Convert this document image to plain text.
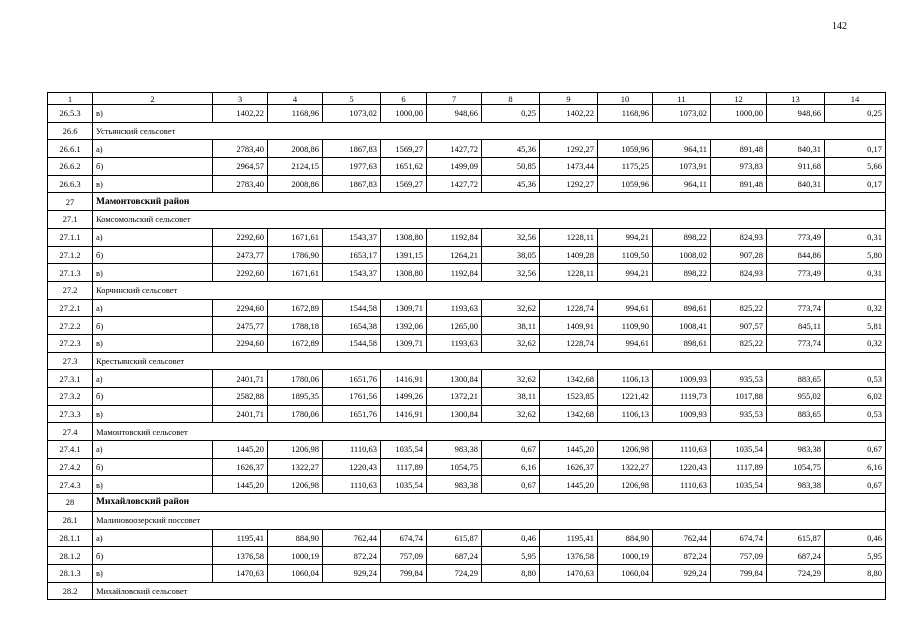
142
1	2	3	4	5	6	7	8	9	10	11	12	13	14
26.5.3	в)	1402,22	1168,96	1073,02	1000,00	948,66	0,25	1402,22	1168,96	1073,02	1000,00	948,66	0,25
26.6	Устьянский сельсовет												
26.6.1	а)	2783,40	2008,86	1867,83	1569,27	1427,72	45,36	1292,27	1059,96	964,11	891,48	840,31	0,17
26.6.2	б)	2964,57	2124,15	1977,63	1651,62	1499,09	50,85	1473,44	1175,25	1073,91	973,83	911,68	5,66
26.6.3	в)	2783,40	2008,86	1867,83	1569,27	1427,72	45,36	1292,27	1059,96	964,11	891,48	840,31	0,17
27	Мамонтовский район												
27.1	Комсомольский сельсовет												
27.1.1	а)	2292,60	1671,61	1543,37	1308,80	1192,84	32,56	1228,11	994,21	898,22	824,93	773,49	0,31
27.1.2	б)	2473,77	1786,90	1653,17	1391,15	1264,21	38,05	1409,28	1109,50	1008,02	907,28	844,86	5,80
27.1.3	в)	2292,60	1671,61	1543,37	1308,80	1192,84	32,56	1228,11	994,21	898,22	824,93	773,49	0,31
27.2	Корчинский сельсовет												
27.2.1	а)	2294,60	1672,89	1544,58	1309,71	1193,63	32,62	1228,74	994,61	898,61	825,22	773,74	0,32
27.2.2	б)	2475,77	1788,18	1654,38	1392,06	1265,00	38,11	1409,91	1109,90	1008,41	907,57	845,11	5,81
27.2.3	в)	2294,60	1672,89	1544,58	1309,71	1193,63	32,62	1228,74	994,61	898,61	825,22	773,74	0,32
27.3	Крестьянский сельсовет												
27.3.1	а)	2401,71	1780,06	1651,76	1416,91	1300,84	32,62	1342,68	1106,13	1009,93	935,53	883,65	0,53
27.3.2	б)	2582,88	1895,35	1761,56	1499,26	1372,21	38,11	1523,85	1221,42	1119,73	1017,88	955,02	6,02
27.3.3	в)	2401,71	1780,06	1651,76	1416,91	1300,84	32,62	1342,68	1106,13	1009,93	935,53	883,65	0,53
27.4	Мамонтовский сельсовет												
27.4.1	а)	1445,20	1206,98	1110,63	1035,54	983,38	0,67	1445,20	1206,98	1110,63	1035,54	983,38	0,67
27.4.2	б)	1626,37	1322,27	1220,43	1117,89	1054,75	6,16	1626,37	1322,27	1220,43	1117,89	1054,75	6,16
27.4.3	в)	1445,20	1206,98	1110,63	1035,54	983,38	0,67	1445,20	1206,98	1110,63	1035,54	983,38	0,67
28	Михайловский район												
28.1	Малиновоозерский поссовет												
28.1.1	а)	1195,41	884,90	762,44	674,74	615,87	0,46	1195,41	884,90	762,44	674,74	615,87	0,46
28.1.2	б)	1376,58	1000,19	872,24	757,09	687,24	5,95	1376,58	1000,19	872,24	757,09	687,24	5,95
28.1.3	в)	1470,63	1060,04	929,24	799,84	724,29	8,80	1470,63	1060,04	929,24	799,84	724,29	8,80
28.2	Михайловский сельсовет												
